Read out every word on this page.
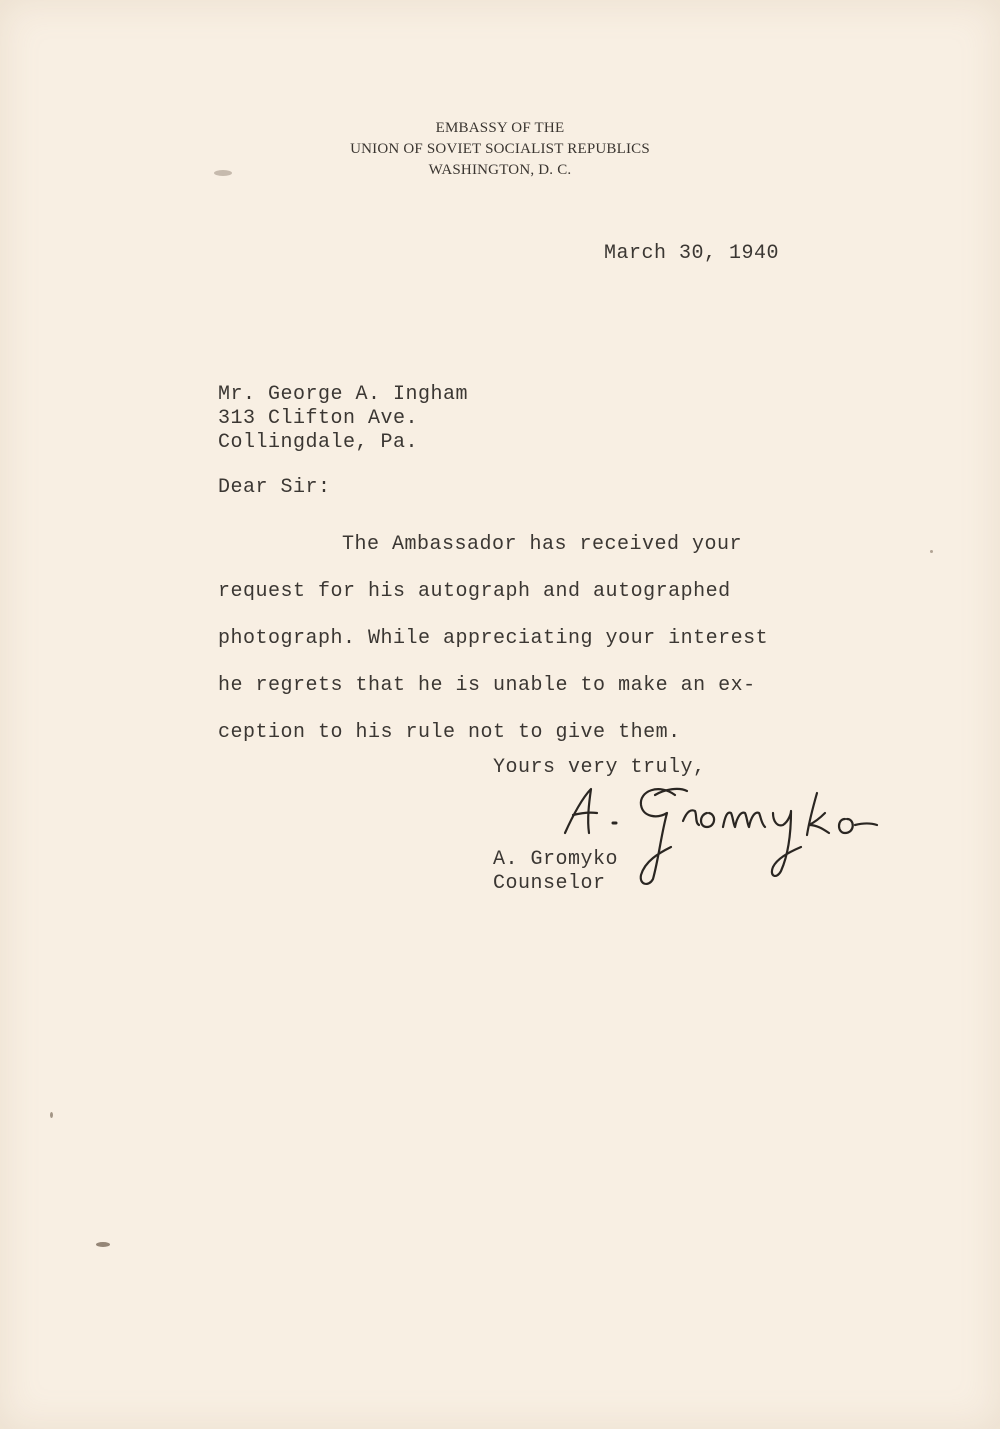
EMBASSY OF THE
UNION OF SOVIET SOCIALIST REPUBLICS
WASHINGTON, D. C.
March 30, 1940
Mr. George A. Ingham
313 Clifton Ave.
Collingdale, Pa.
Dear Sir:
The Ambassador has received your
request for his autograph and autographed
photograph. While appreciating your interest
he regrets that he is unable to make an ex-
ception to his rule not to give them.
Yours very truly,
A. Gromyko
Counselor
